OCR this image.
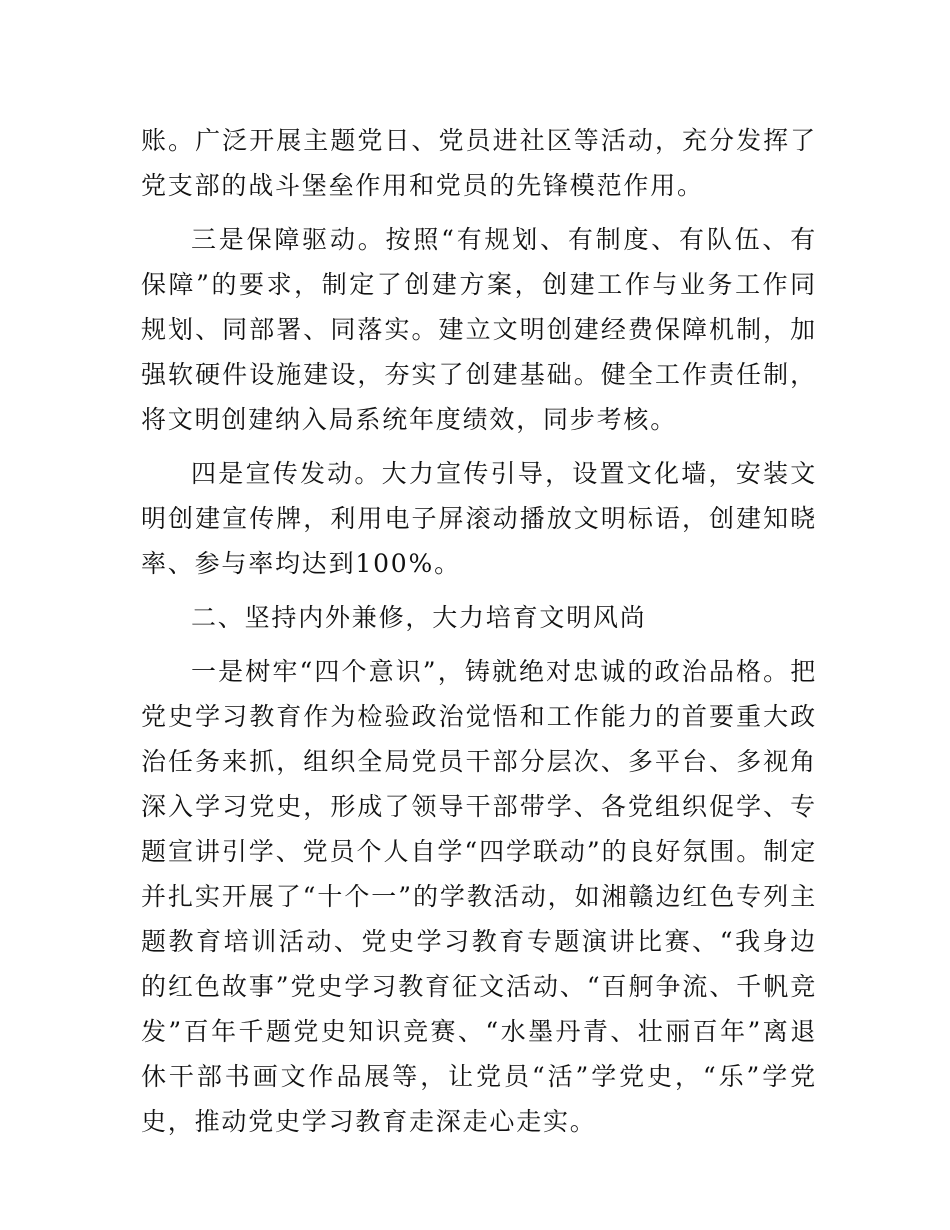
账。广泛开展主题党日、党员进社区等活动，充分发挥了党支部的战斗堡垒作用和党员的先锋模范作用。

三是保障驱动。按照“有规划、有制度、有队伍、有保障”的要求，制定了创建方案，创建工作与业务工作同规划、同部署、同落实。建立文明创建经费保障机制，加强软硬件设施建设，夯实了创建基础。健全工作责任制，将文明创建纳入局系统年度绩效，同步考核。

四是宣传发动。大力宣传引导，设置文化墙，安装文明创建宣传牌，利用电子屏滚动播放文明标语，创建知晓率、参与率均达到100%。

二、坚持内外兼修，大力培育文明风尚

一是树牢“四个意识”，铸就绝对忠诚的政治品格。把党史学习教育作为检验政治觉悟和工作能力的首要重大政治任务来抓，组织全局党员干部分层次、多平台、多视角深入学习党史，形成了领导干部带学、各党组织促学、专题宣讲引学、党员个人自学“四学联动”的良好氛围。制定并扎实开展了“十个一”的学教活动，如湘赣边红色专列主题教育培训活动、党史学习教育专题演讲比赛、“我身边的红色故事”党史学习教育征文活动、“百舸争流、千帆竞发”百年千题党史知识竞赛、“水墨丹青、壮丽百年”离退休干部书画文作品展等，让党员“活”学党史，“乐”学党史，推动党史学习教育走深走心走实。
